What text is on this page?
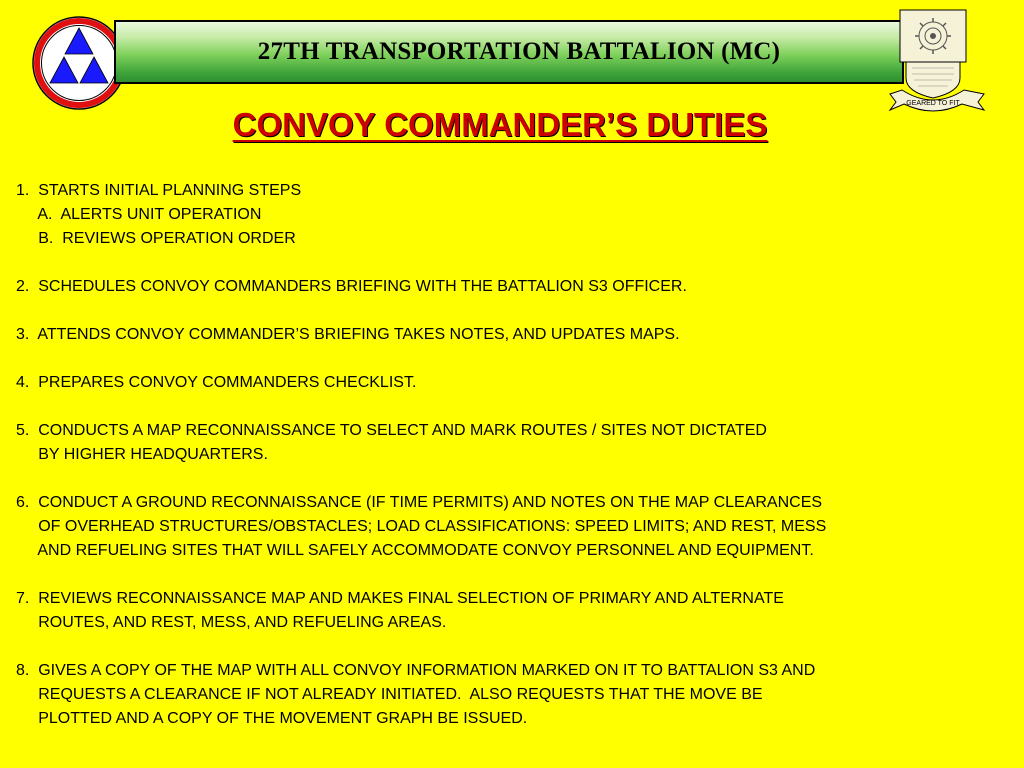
27TH TRANSPORTATION BATTALION (MC)
GEARED TO FIT
CONVOY COMMANDER’S DUTIES
1.  STARTS INITIAL PLANNING STEPS
A.  ALERTS UNIT OPERATION
B.  REVIEWS OPERATION ORDER
2.  SCHEDULES CONVOY COMMANDERS BRIEFING WITH THE BATTALION S3 OFFICER.
3.  ATTENDS CONVOY COMMANDER’S BRIEFING TAKES NOTES, AND UPDATES MAPS.
4.  PREPARES CONVOY COMMANDERS CHECKLIST.
5.  CONDUCTS A MAP RECONNAISSANCE TO SELECT AND MARK ROUTES / SITES NOT DICTATED
BY HIGHER HEADQUARTERS.
6.  CONDUCT A GROUND RECONNAISSANCE (IF TIME PERMITS) AND NOTES ON THE MAP CLEARANCES
OF OVERHEAD STRUCTURES/OBSTACLES; LOAD CLASSIFICATIONS: SPEED LIMITS; AND REST, MESS
AND REFUELING SITES THAT WILL SAFELY ACCOMMODATE CONVOY PERSONNEL AND EQUIPMENT.
7.  REVIEWS RECONNAISSANCE MAP AND MAKES FINAL SELECTION OF PRIMARY AND ALTERNATE
ROUTES, AND REST, MESS, AND REFUELING AREAS.
8.  GIVES A COPY OF THE MAP WITH ALL CONVOY INFORMATION MARKED ON IT TO BATTALION S3 AND
REQUESTS A CLEARANCE IF NOT ALREADY INITIATED.  ALSO REQUESTS THAT THE MOVE BE
PLOTTED AND A COPY OF THE MOVEMENT GRAPH BE ISSUED.
